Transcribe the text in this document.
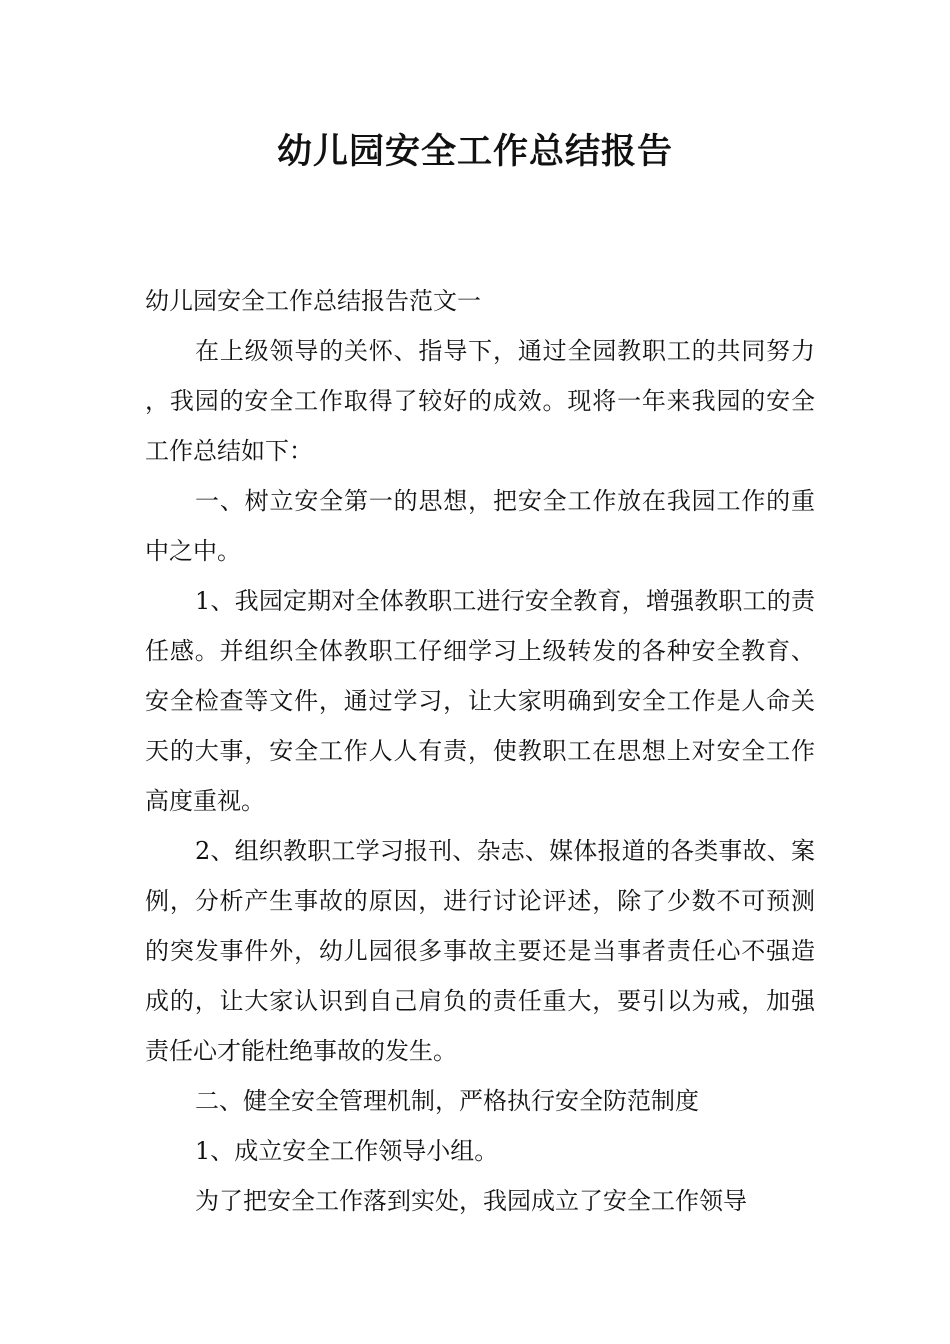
幼儿园安全工作总结报告

幼儿园安全工作总结报告范文一

在上级领导的关怀、指导下，通过全园教职工的共同努力，我园的安全工作取得了较好的成效。现将一年来我园的安全工作总结如下：

一、树立安全第一的思想，把安全工作放在我园工作的重中之中。

1、我园定期对全体教职工进行安全教育，增强教职工的责任感。并组织全体教职工仔细学习上级转发的各种安全教育、安全检查等文件，通过学习，让大家明确到安全工作是人命关天的大事，安全工作人人有责，使教职工在思想上对安全工作高度重视。

2、组织教职工学习报刊、杂志、媒体报道的各类事故、案例，分析产生事故的原因，进行讨论评述，除了少数不可预测的突发事件外，幼儿园很多事故主要还是当事者责任心不强造成的，让大家认识到自己肩负的责任重大，要引以为戒，加强责任心才能杜绝事故的发生。

二、健全安全管理机制，严格执行安全防范制度

1、成立安全工作领导小组。

为了把安全工作落到实处，我园成立了安全工作领导
